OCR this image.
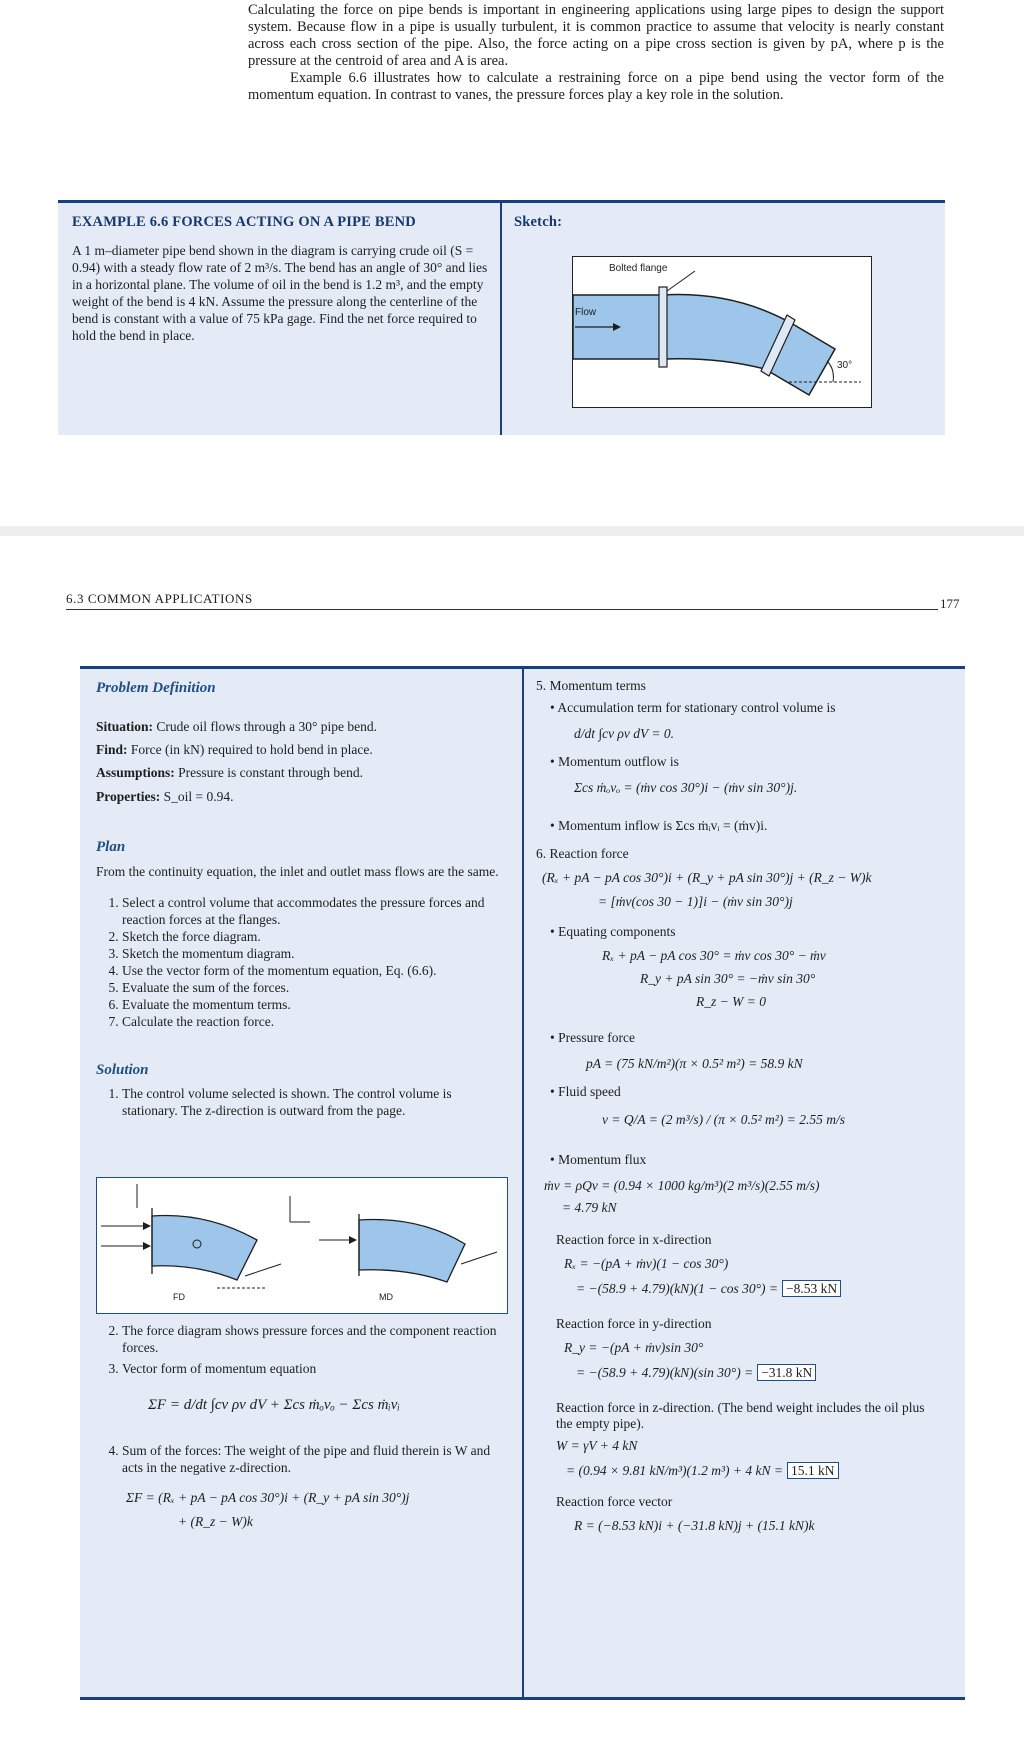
Calculating the force on pipe bends is important in engineering applications using large pipes to design the support system. Because flow in a pipe is usually turbulent, it is common practice to assume that velocity is nearly constant across each cross section of the pipe. Also, the force acting on a pipe cross section is given by pA, where p is the pressure at the centroid of area and A is area.

Example 6.6 illustrates how to calculate a restraining force on a pipe bend using the vector form of the momentum equation. In contrast to vanes, the pressure forces play a key role in the solution.

EXAMPLE 6.6 FORCES ACTING ON A PIPE BEND
A 1 m–diameter pipe bend shown in the diagram is carrying crude oil (S = 0.94) with a steady flow rate of 2 m³/s. The bend has an angle of 30° and lies in a horizontal plane. The volume of oil in the bend is 1.2 m³, and the empty weight of the bend is 4 kN. Assume the pressure along the centerline of the bend is constant with a value of 75 kPa gage. Find the net force required to hold the bend in place.
Sketch:
Bolted flange
Flow
30°
6.3 COMMON APPLICATIONS	177
Problem Definition
Situation: Crude oil flows through a 30° pipe bend.
Find: Force (in kN) required to hold bend in place.
Assumptions: Pressure is constant through bend.
Properties: S_oil = 0.94.
Plan
From the continuity equation, the inlet and outlet mass flows are the same.
1. Select a control volume that accommodates the pressure forces and reaction forces at the flanges.
2. Sketch the force diagram.
3. Sketch the momentum diagram.
4. Use the vector form of the momentum equation, Eq. (6.6).
5. Evaluate the sum of the forces.
6. Evaluate the momentum terms.
7. Calculate the reaction force.
Solution
1. The control volume selected is shown. The control volume is stationary. The z-direction is outward from the page.
FD	MD
2. The force diagram shows pressure forces and the component reaction forces.
3. Vector form of momentum equation
ΣF = d/dt ∫cv ρv dV + Σcs ṁₒvₒ − Σcs ṁᵢvᵢ
4. Sum of the forces: The weight of the pipe and fluid therein is W and acts in the negative z-direction.
ΣF = (Rₓ + pA − pA cos 30°)i + (R_y + pA sin 30°)j
+ (R_z − W)k
5. Momentum terms
• Accumulation term for stationary control volume is
d/dt ∫cv ρv dV = 0.
• Momentum outflow is
Σcs ṁₒvₒ = (ṁv cos 30°)i − (ṁv sin 30°)j.
• Momentum inflow is Σcs ṁᵢvᵢ = (ṁv)i.
6. Reaction force
(Rₓ + pA − pA cos 30°)i + (R_y + pA sin 30°)j + (R_z − W)k
= [ṁv(cos 30 − 1)]i − (ṁv sin 30°)j
• Equating components
Rₓ + pA − pA cos 30° = ṁv cos 30° − ṁv
R_y + pA sin 30° = −ṁv sin 30°
R_z − W = 0
• Pressure force
pA = (75 kN/m²)(π × 0.5² m²) = 58.9 kN
• Fluid speed
v = Q/A = (2 m³/s) / (π × 0.5² m²) = 2.55 m/s
• Momentum flux
ṁv = ρQv = (0.94 × 1000 kg/m³)(2 m³/s)(2.55 m/s)
= 4.79 kN
Reaction force in x-direction
Rₓ = −(pA + ṁv)(1 − cos 30°)
= −(58.9 + 4.79)(kN)(1 − cos 30°) = −8.53 kN
Reaction force in y-direction
R_y = −(pA + ṁv)sin 30°
= −(58.9 + 4.79)(kN)(sin 30°) = −31.8 kN
Reaction force in z-direction. (The bend weight includes the oil plus the empty pipe).
W = γV + 4 kN
= (0.94 × 9.81 kN/m³)(1.2 m³) + 4 kN = 15.1 kN
Reaction force vector
R = (−8.53 kN)i + (−31.8 kN)j + (15.1 kN)k
